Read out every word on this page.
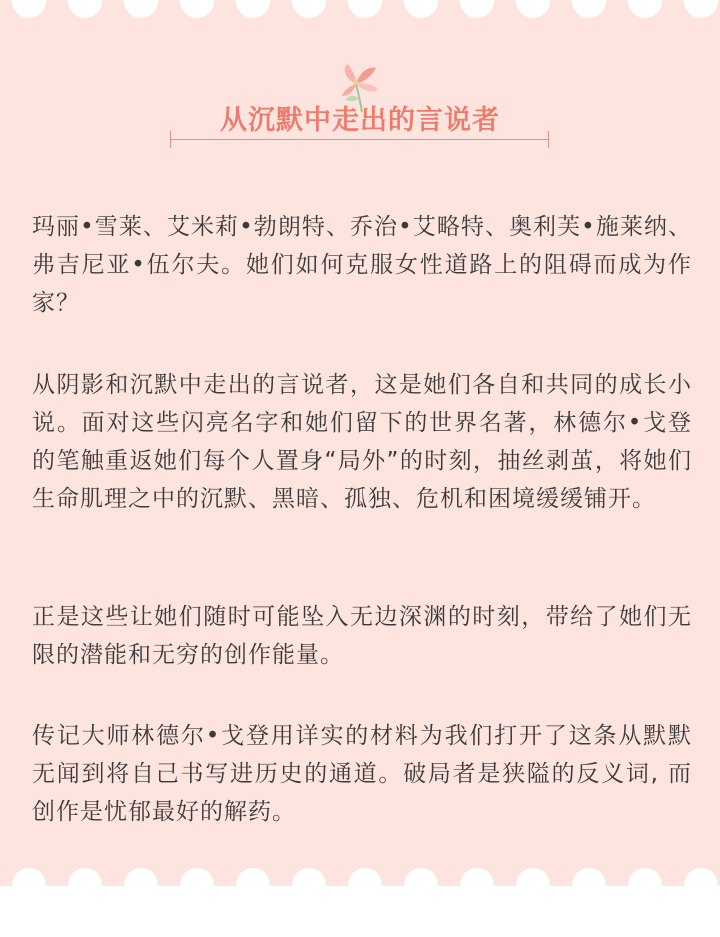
从沉默中走出的言说者
玛丽•雪莱、艾米莉•勃朗特、乔治•艾略特、奥利芙•施莱纳、弗吉尼亚•伍尔夫。她们如何克服女性道路上的阻碍而成为作家？
从阴影和沉默中走出的言说者，这是她们各自和共同的成长小说。面对这些闪亮名字和她们留下的世界名著，林德尔•戈登的笔触重返她们每个人置身“局外”的时刻，抽丝剥茧，将她们生命肌理之中的沉默、黑暗、孤独、危机和困境缓缓铺开。
正是这些让她们随时可能坠入无边深渊的时刻，带给了她们无限的潜能和无穷的创作能量。
传记大师林德尔•戈登用详实的材料为我们打开了这条从默默无闻到将自己书写进历史的通道。破局者是狭隘的反义词, 而创作是忧郁最好的解药。
